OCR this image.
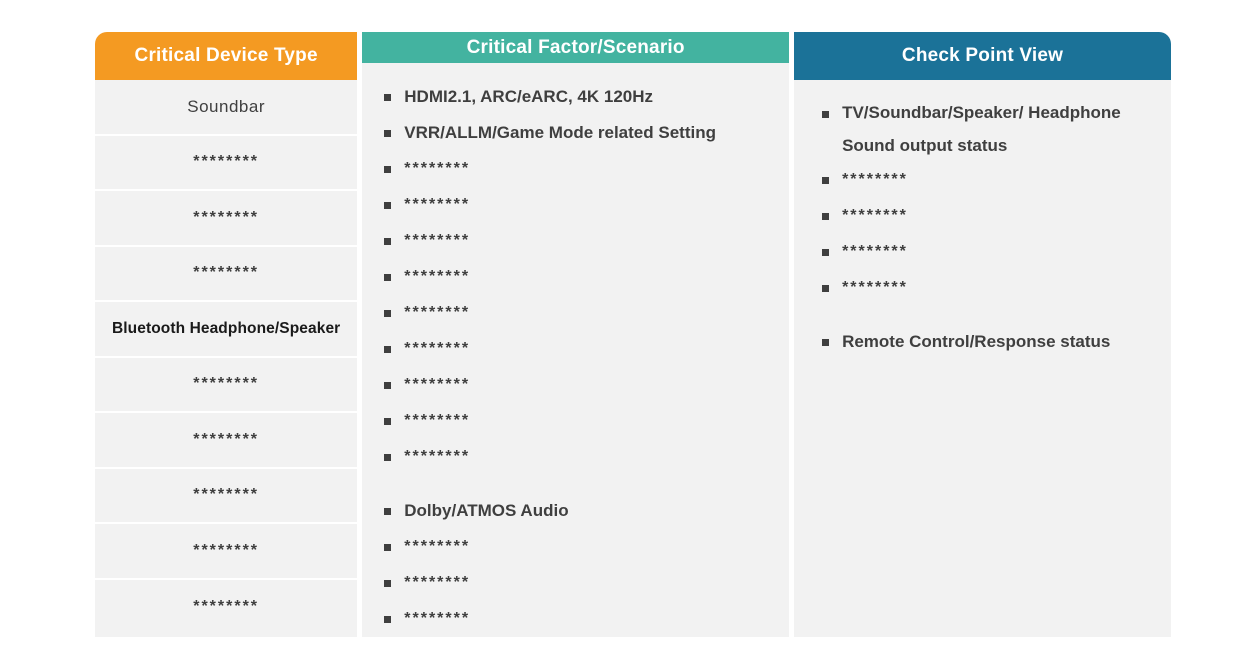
Critical Device Type
Soundbar
********
********
********
Bluetooth Headphone/Speaker
********
********
********
********
********
Critical Factor/Scenario
HDMI2.1, ARC/eARC, 4K 120Hz
VRR/ALLM/Game Mode related Setting
********
********
********
********
********
********
********
********
********
Dolby/ATMOS Audio
********
********
********
Check Point View
TV/Soundbar/Speaker/ Headphone Sound output status
********
********
********
********
Remote Control/Response status
